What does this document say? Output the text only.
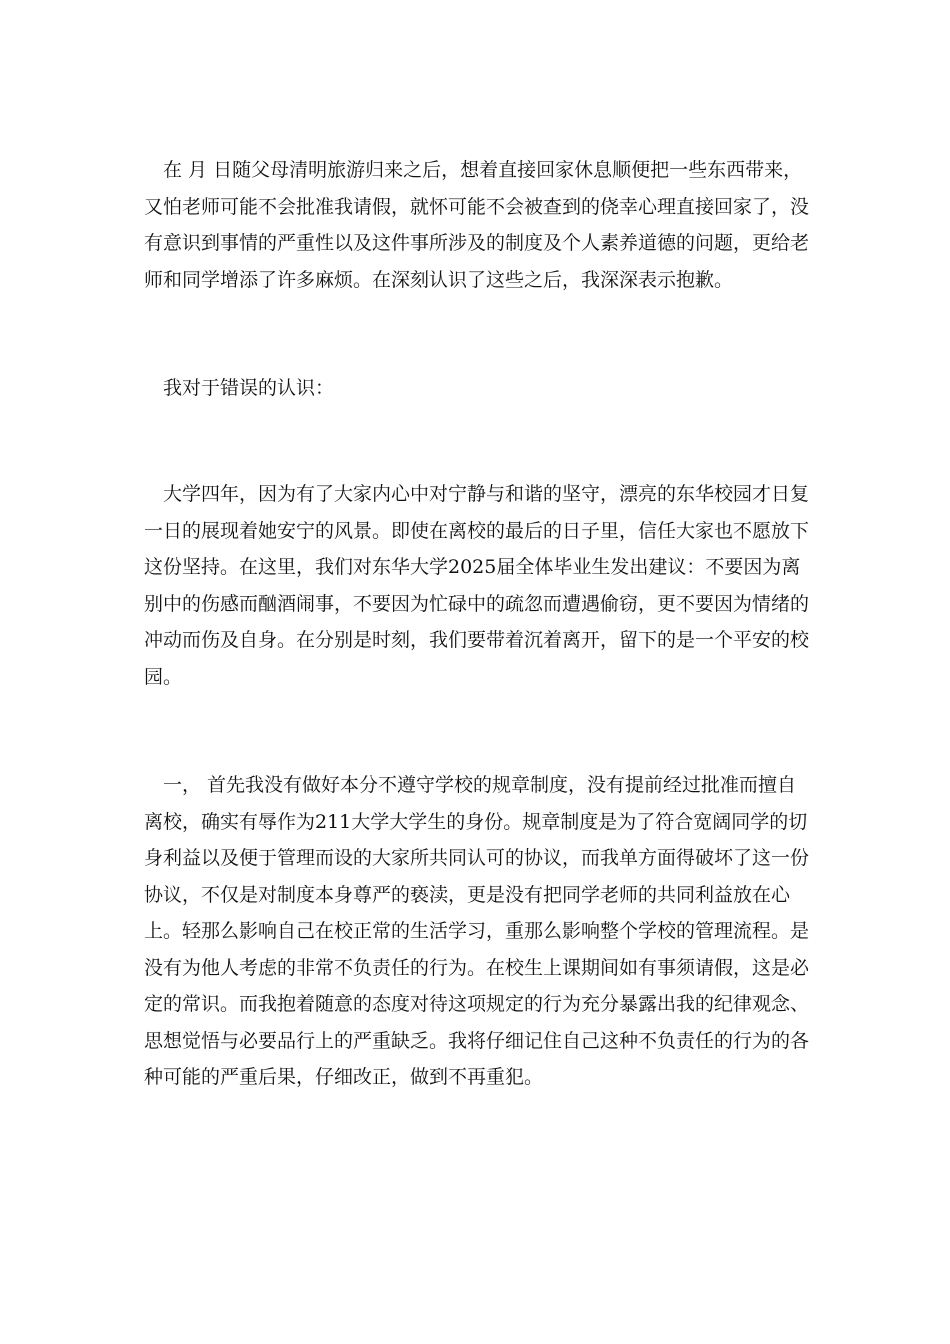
在 月 日随父母清明旅游归来之后，想着直接回家休息顺便把一些东西带来，又怕老师可能不会批准我请假，就怀可能不会被查到的侥幸心理直接回家了，没有意识到事情的严重性以及这件事所涉及的制度及个人素养道德的问题，更给老师和同学增添了许多麻烦。在深刻认识了这些之后，我深深表示抱歉。

我对于错误的认识：

大学四年，因为有了大家内心中对宁静与和谐的坚守，漂亮的东华校园才日复一日的展现着她安宁的风景。即使在离校的最后的日子里，信任大家也不愿放下这份坚持。在这里，我们对东华大学2025届全体毕业生发出建议：不要因为离别中的伤感而酗酒闹事，不要因为忙碌中的疏忽而遭遇偷窃，更不要因为情绪的冲动而伤及自身。在分别是时刻，我们要带着沉着离开，留下的是一个平安的校园。

一， 首先我没有做好本分不遵守学校的规章制度，没有提前经过批准而擅自离校，确实有辱作为211大学大学生的身份。规章制度是为了符合宽阔同学的切身利益以及便于管理而设的大家所共同认可的协议，而我单方面得破坏了这一份协议，不仅是对制度本身尊严的亵渎，更是没有把同学老师的共同利益放在心上。轻那么影响自己在校正常的生活学习，重那么影响整个学校的管理流程。是没有为他人考虑的非常不负责任的行为。在校生上课期间如有事须请假，这是必定的常识。而我抱着随意的态度对待这项规定的行为充分暴露出我的纪律观念、思想觉悟与必要品行上的严重缺乏。我将仔细记住自己这种不负责任的行为的各种可能的严重后果，仔细改正，做到不再重犯。
